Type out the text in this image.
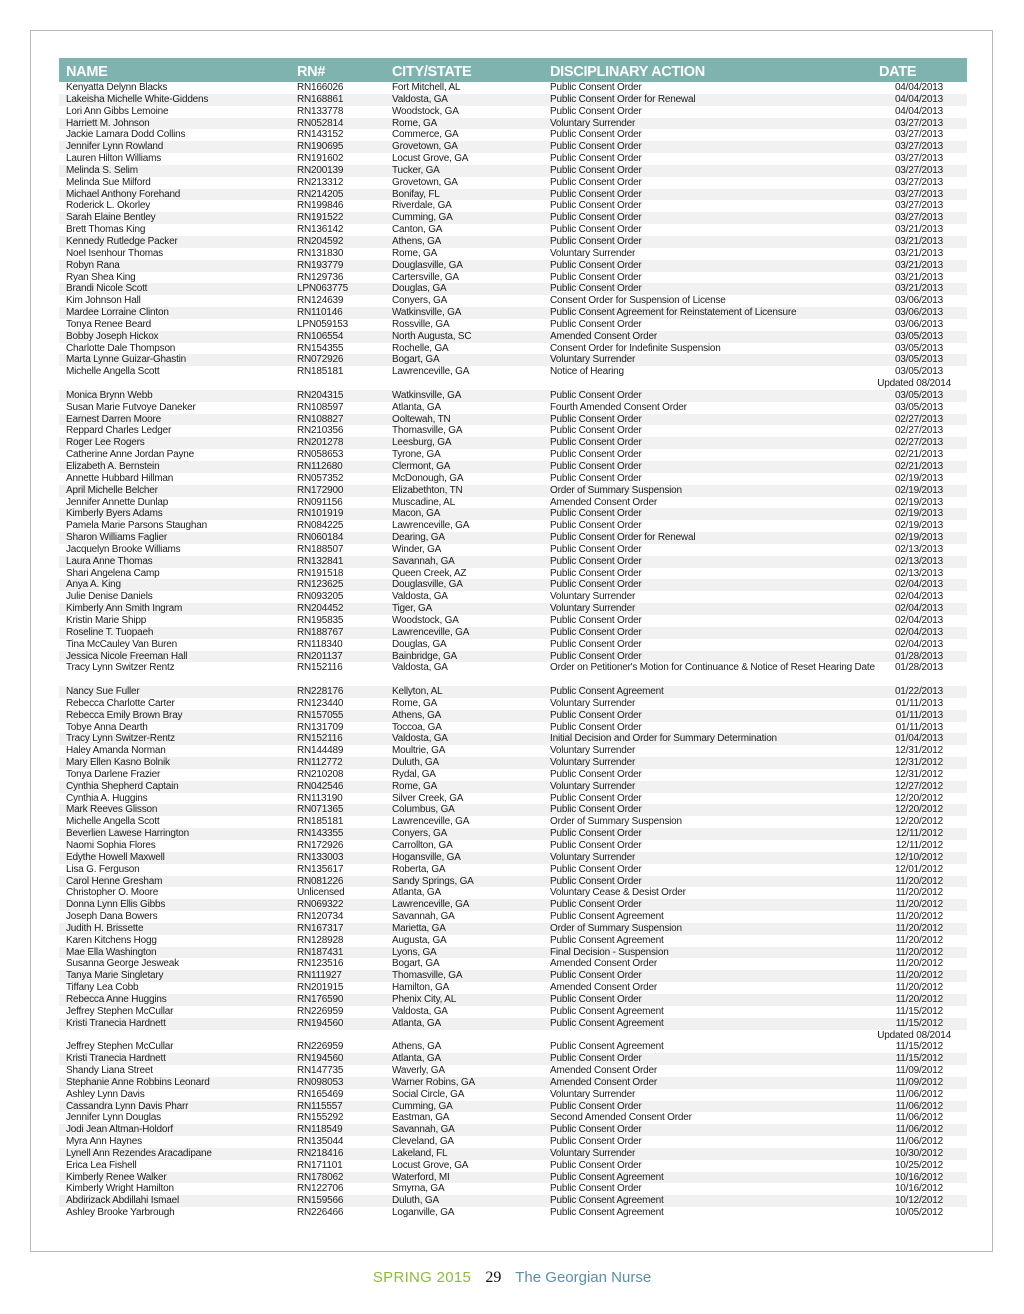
NAME	RN#	CITY/STATE	DISCIPLINARY ACTION	DATE
Kenyatta Delynn Blacks	RN166026	Fort Mitchell, AL	Public Consent Order	04/04/2013
Lakeisha Michelle White-Giddens	RN168861	Valdosta, GA	Public Consent Order for Renewal	04/04/2013
Lori Ann Gibbs Lemoine	RN133778	Woodstock, GA	Public Consent Order	04/04/2013
Harriett M. Johnson	RN052814	Rome, GA	Voluntary Surrender	03/27/2013
Jackie Lamara Dodd Collins	RN143152	Commerce, GA	Public Consent Order	03/27/2013
Jennifer Lynn Rowland	RN190695	Grovetown, GA	Public Consent Order	03/27/2013
Lauren Hilton Williams	RN191602	Locust Grove, GA	Public Consent Order	03/27/2013
Melinda S. Selim	RN200139	Tucker, GA	Public Consent Order	03/27/2013
Melinda Sue Milford	RN213312	Grovetown, GA	Public Consent Order	03/27/2013
Michael Anthony Forehand	RN214205	Bonifay, FL	Public Consent Order	03/27/2013
Roderick L. Okorley	RN199846	Riverdale, GA	Public Consent Order	03/27/2013
Sarah Elaine Bentley	RN191522	Cumming, GA	Public Consent Order	03/27/2013
Brett Thomas King	RN136142	Canton, GA	Public Consent Order	03/21/2013
Kennedy Rutledge Packer	RN204592	Athens, GA	Public Consent Order	03/21/2013
Noel Isenhour Thomas	RN131830	Rome, GA	Voluntary Surrender	03/21/2013
Robyn Rana	RN193779	Douglasville, GA	Public Consent Order	03/21/2013
Ryan Shea King	RN129736	Cartersville, GA	Public Consent Order	03/21/2013
Brandi Nicole Scott	LPN063775	Douglas, GA	Public Consent Order	03/21/2013
Kim Johnson Hall	RN124639	Conyers, GA	Consent Order for Suspension of License	03/06/2013
Mardee Lorraine Clinton	RN110146	Watkinsville, GA	Public Consent Agreement for Reinstatement of Licensure	03/06/2013
Tonya Renee Beard	LPN059153	Rossville, GA	Public Consent Order	03/06/2013
Bobby Joseph Hickox	RN106554	North Augusta, SC	Amended Consent Order	03/05/2013
Charlotte Dale Thompson	RN154355	Rochelle, GA	Consent Order for Indefinite Suspension	03/05/2013
Marta Lynne Guizar-Ghastin	RN072926	Bogart, GA	Voluntary Surrender	03/05/2013
Michelle Angella Scott	RN185181	Lawrenceville, GA	Notice of Hearing	03/05/2013
Updated 08/2014
Monica Brynn Webb	RN204315	Watkinsville, GA	Public Consent Order	03/05/2013
Susan Marie Futvoye Daneker	RN108597	Atlanta, GA	Fourth Amended Consent Order	03/05/2013
Earnest Darren Moore	RN108827	Ooltewah, TN	Public Consent Order	02/27/2013
Reppard Charles Ledger	RN210356	Thomasville, GA	Public Consent Order	02/27/2013
Roger Lee Rogers	RN201278	Leesburg, GA	Public Consent Order	02/27/2013
Catherine Anne Jordan Payne	RN058653	Tyrone, GA	Public Consent Order	02/21/2013
Elizabeth A. Bernstein	RN112680	Clermont, GA	Public Consent Order	02/21/2013
Annette Hubbard Hillman	RN057352	McDonough, GA	Public Consent Order	02/19/2013
April Michelle Belcher	RN172900	Elizabethton, TN	Order of Summary Suspension	02/19/2013
Jennifer Annette Dunlap	RN091156	Muscadine, AL	Amended Consent Order	02/19/2013
Kimberly Byers Adams	RN101919	Macon, GA	Public Consent Order	02/19/2013
Pamela Marie Parsons Staughan	RN084225	Lawrenceville, GA	Public Consent Order	02/19/2013
Sharon Williams Faglier	RN060184	Dearing, GA	Public Consent Order for Renewal	02/19/2013
Jacquelyn Brooke Williams	RN188507	Winder, GA	Public Consent Order	02/13/2013
Laura Anne Thomas	RN132841	Savannah, GA	Public Consent Order	02/13/2013
Shari Angelena Camp	RN191518	Queen Creek, AZ	Public Consent Order	02/13/2013
Anya A. King	RN123625	Douglasville, GA	Public Consent Order	02/04/2013
Julie Denise Daniels	RN093205	Valdosta, GA	Voluntary Surrender	02/04/2013
Kimberly Ann Smith Ingram	RN204452	Tiger, GA	Voluntary Surrender	02/04/2013
Kristin Marie Shipp	RN195835	Woodstock, GA	Public Consent Order	02/04/2013
Roseline T. Tuopaeh	RN188767	Lawrenceville, GA	Public Consent Order	02/04/2013
Tina McCauley Van Buren	RN118340	Douglas, GA	Public Consent Order	02/04/2013
Jessica Nicole Freeman Hall	RN201137	Bainbridge, GA	Public Consent Order	01/28/2013
Tracy Lynn Switzer Rentz	RN152116	Valdosta, GA	Order on Petitioner's Motion for Continuance & Notice of Reset Hearing Date	01/28/2013
Nancy Sue Fuller	RN228176	Kellyton, AL	Public Consent Agreement	01/22/2013
Rebecca Charlotte Carter	RN123440	Rome, GA	Voluntary Surrender	01/11/2013
Rebecca Emily Brown Bray	RN157055	Athens, GA	Public Consent Order	01/11/2013
Tobye Anna Dearth	RN131709	Toccoa, GA	Public Consent Order	01/11/2013
Tracy Lynn Switzer-Rentz	RN152116	Valdosta, GA	Initial Decision and Order for Summary Determination	01/04/2013
Haley Amanda Norman	RN144489	Moultrie, GA	Voluntary Surrender	12/31/2012
Mary Ellen Kasno Bolnik	RN112772	Duluth, GA	Voluntary Surrender	12/31/2012
Tonya Darlene Frazier	RN210208	Rydal, GA	Public Consent Order	12/31/2012
Cynthia Shepherd Captain	RN042546	Rome, GA	Voluntary Surrender	12/27/2012
Cynthia A. Huggins	RN113190	Silver Creek, GA	Public Consent Order	12/20/2012
Mark Reeves Glisson	RN071365	Columbus, GA	Public Consent Order	12/20/2012
Michelle Angella Scott	RN185181	Lawrenceville, GA	Order of Summary Suspension	12/20/2012
Beverlien Lawese Harrington	RN143355	Conyers, GA	Public Consent Order	12/11/2012
Naomi Sophia Flores	RN172926	Carrollton, GA	Public Consent Order	12/11/2012
Edythe Howell Maxwell	RN133003	Hogansville, GA	Voluntary Surrender	12/10/2012
Lisa G. Ferguson	RN135617	Roberta, GA	Public Consent Order	12/01/2012
Carol Henne Gresham	RN081226	Sandy Springs, GA	Public Consent Order	11/20/2012
Christopher O. Moore	Unlicensed	Atlanta, GA	Voluntary Cease & Desist Order	11/20/2012
Donna Lynn Ellis Gibbs	RN069322	Lawrenceville, GA	Public Consent Order	11/20/2012
Joseph Dana Bowers	RN120734	Savannah, GA	Public Consent Agreement	11/20/2012
Judith H. Brissette	RN167317	Marietta, GA	Order of Summary Suspension	11/20/2012
Karen Kitchens Hogg	RN128928	Augusta, GA	Public Consent Agreement	11/20/2012
Mae Ella Washington	RN187431	Lyons, GA	Final Decision - Suspension	11/20/2012
Susanna George Jesweak	RN123516	Bogart, GA	Amended Consent Order	11/20/2012
Tanya Marie Singletary	RN111927	Thomasville, GA	Public Consent Order	11/20/2012
Tiffany Lea Cobb	RN201915	Hamilton, GA	Amended Consent Order	11/20/2012
Rebecca Anne Huggins	RN176590	Phenix City, AL	Public Consent Order	11/20/2012
Jeffrey Stephen McCullar	RN226959	Valdosta, GA	Public Consent Agreement	11/15/2012
Kristi Tranecia Hardnett	RN194560	Atlanta, GA	Public Consent Agreement	11/15/2012
Updated 08/2014
Jeffrey Stephen McCullar	RN226959	Athens, GA	Public Consent Agreement	11/15/2012
Kristi Tranecia Hardnett	RN194560	Atlanta, GA	Public Consent Order	11/15/2012
Shandy Liana Street	RN147735	Waverly, GA	Amended Consent Order	11/09/2012
Stephanie Anne Robbins Leonard	RN098053	Warner Robins, GA	Amended Consent Order	11/09/2012
Ashley Lynn Davis	RN165469	Social Circle, GA	Voluntary Surrender	11/06/2012
Cassandra Lynn Davis Pharr	RN115557	Cumming, GA	Public Consent Order	11/06/2012
Jennifer Lynn Douglas	RN155292	Eastman, GA	Second Amended Consent Order	11/06/2012
Jodi Jean Altman-Holdorf	RN118549	Savannah, GA	Public Consent Order	11/06/2012
Myra Ann Haynes	RN135044	Cleveland, GA	Public Consent Order	11/06/2012
Lynell Ann Rezendes Aracadipane	RN218416	Lakeland, FL	Voluntary Surrender	10/30/2012
Erica Lea Fishell	RN171101	Locust Grove, GA	Public Consent Order	10/25/2012
Kimberly Renee Walker	RN178062	Waterford, MI	Public Consent Agreement	10/16/2012
Kimberly Wright Hamilton	RN122706	Smyrna, GA	Public Consent Order	10/16/2012
Abdirizack Abdillahi Ismael	RN159566	Duluth, GA	Public Consent Agreement	10/12/2012
Ashley Brooke Yarbrough	RN226466	Loganville, GA	Public Consent Agreement	10/05/2012
SPRING 2015 29 The Georgian Nurse
